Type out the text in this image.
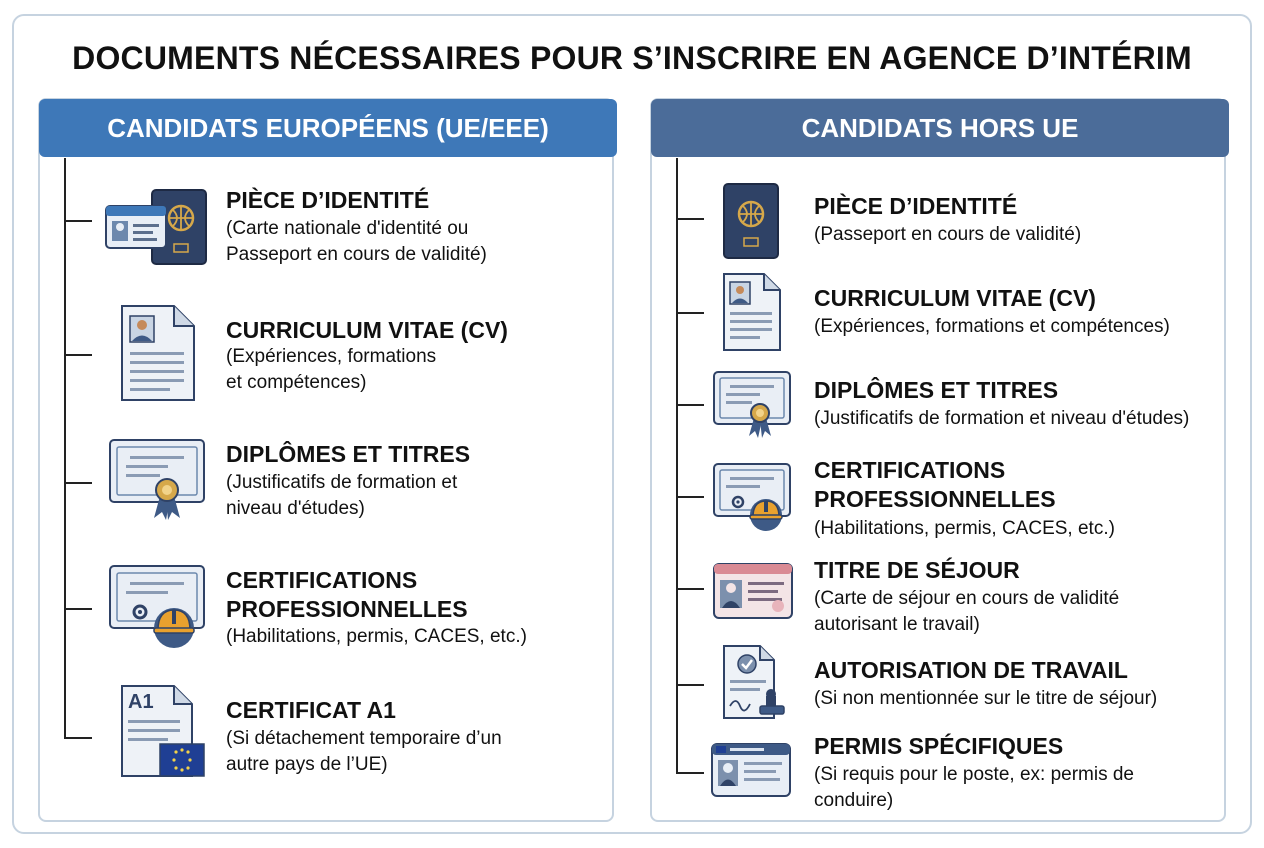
DOCUMENTS NÉCESSAIRES POUR S’INSCRIRE EN AGENCE D’INTÉRIM
CANDIDATS EUROPÉENS (UE/EEE)
PIÈCE D’IDENTITÉ
(Carte nationale d'identité ou
Passeport en cours de validité)
CURRICULUM VITAE (CV)
(Expériences, formations
et compétences)
DIPLÔMES ET TITRES
(Justificatifs de formation et
niveau d'études)
CERTIFICATIONS
PROFESSIONNELLES
(Habilitations, permis, CACES, etc.)
A1	CERTIFICAT A1
(Si détachement temporaire d’un
autre pays de l’UE)
CANDIDATS HORS UE
PIÈCE D’IDENTITÉ
(Passeport en cours de validité)
CURRICULUM VITAE (CV)
(Expériences, formations et compétences)
DIPLÔMES ET TITRES
(Justificatifs de formation et niveau d'études)
CERTIFICATIONS
PROFESSIONNELLES
(Habilitations, permis, CACES, etc.)
TITRE DE SÉJOUR
(Carte de séjour en cours de validité
autorisant le travail)
AUTORISATION DE TRAVAIL
(Si non mentionnée sur le titre de séjour)
PERMIS SPÉCIFIQUES
(Si requis pour le poste, ex: permis de
conduire)
